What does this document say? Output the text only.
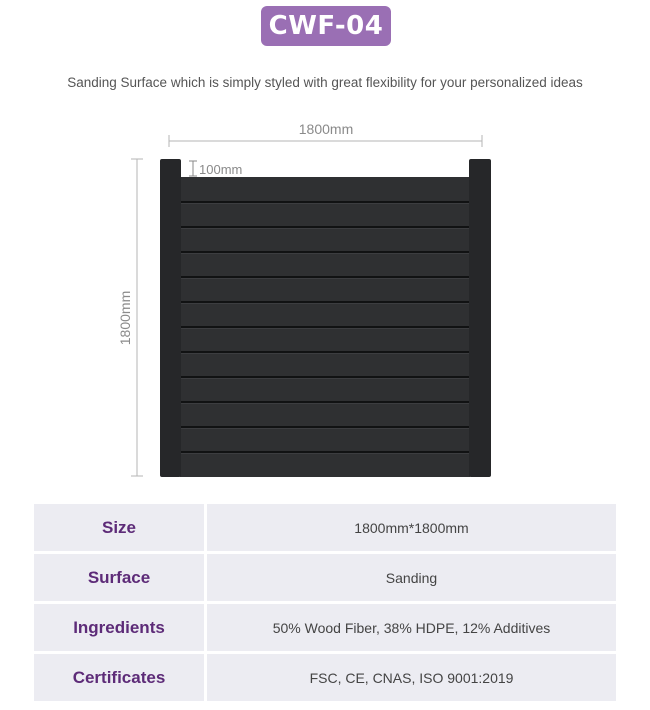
CWF-04
Sanding Surface which is simply styled with great flexibility for your personalized ideas
1800mm
1800mm
100mm
Size	1800mm*1800mm
Surface	Sanding
Ingredients	50% Wood Fiber, 38% HDPE, 12% Additives
Certificates	FSC, CE, CNAS, ISO 9001:2019
